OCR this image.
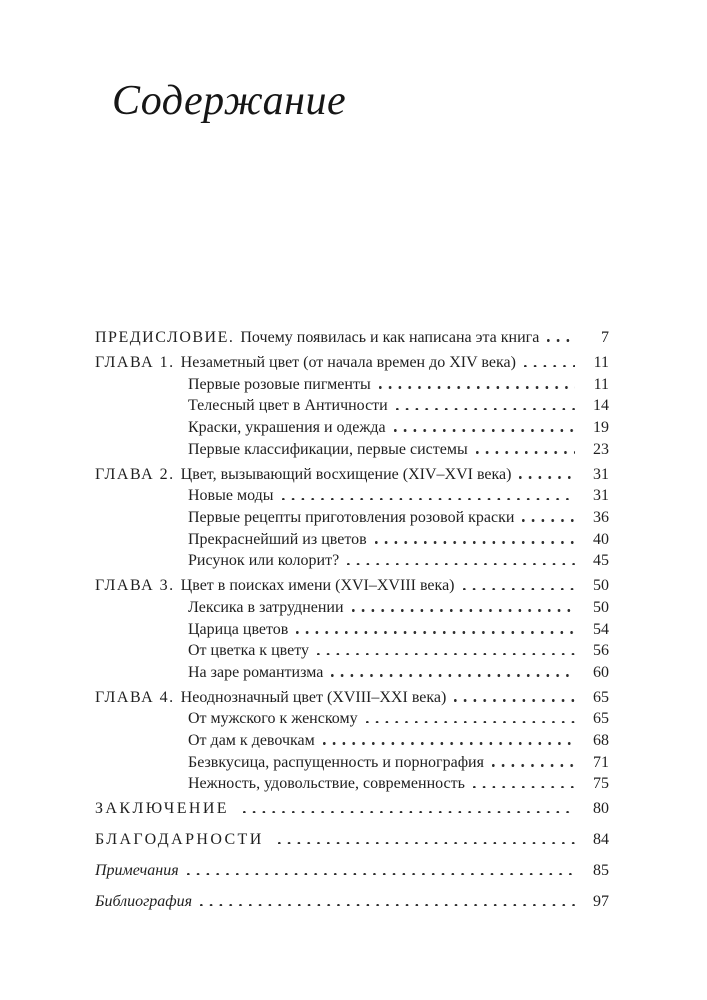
Содержание
ПРЕДИСЛОВИЕ. Почему появилась и как написана эта книга	7
ГЛАВА 1. Незаметный цвет (от начала времен до XIV века)	11
Первые розовые пигменты	11
Телесный цвет в Античности	14
Краски, украшения и одежда	19
Первые классификации, первые системы	23
ГЛАВА 2. Цвет, вызывающий восхищение (XIV–XVI века)	31
Новые моды	31
Первые рецепты приготовления розовой краски	36
Прекраснейший из цветов	40
Рисунок или колорит?	45
ГЛАВА 3. Цвет в поисках имени (XVI–XVIII века)	50
Лексика в затруднении	50
Царица цветов	54
От цветка к цвету	56
На заре романтизма	60
ГЛАВА 4. Неоднозначный цвет (XVIII–XXI века)	65
От мужского к женскому	65
От дам к девочкам	68
Безвкусица, распущенность и порнография	71
Нежность, удовольствие, современность	75
ЗАКЛЮЧЕНИЕ	80
БЛАГОДАРНОСТИ	84
Примечания	85
Библиография	97
